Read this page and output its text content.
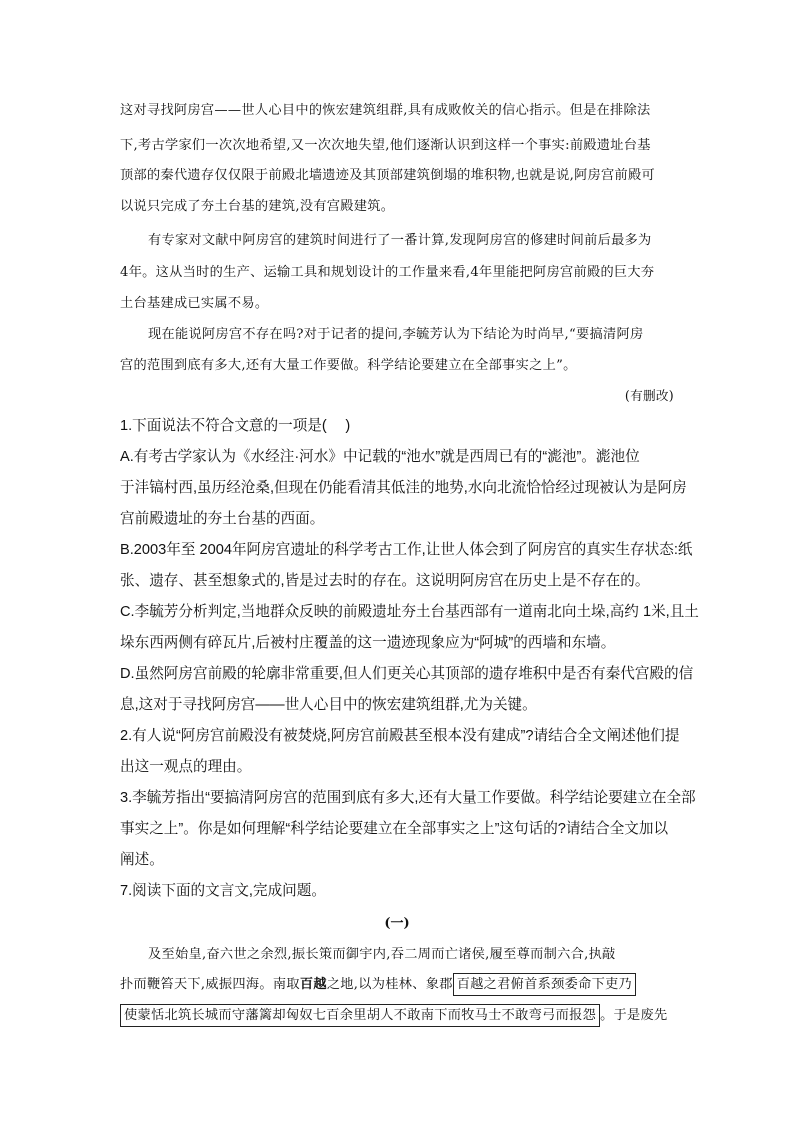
这对寻找阿房宫——世人心目中的恢宏建筑组群,具有成败攸关的信心指示。但是在排除法
下,考古学家们一次次地希望,又一次次地失望,他们逐渐认识到这样一个事实:前殿遗址台基
顶部的秦代遗存仅仅限于前殿北墙遗迹及其顶部建筑倒塌的堆积物,也就是说,阿房宫前殿可
以说只完成了夯土台基的建筑,没有宫殿建筑。
有专家对文献中阿房宫的建筑时间进行了一番计算,发现阿房宫的修建时间前后最多为
4年。这从当时的生产、运输工具和规划设计的工作量来看,4年里能把阿房宫前殿的巨大夯
土台基建成已实属不易。
现在能说阿房宫不存在吗?对于记者的提问,李毓芳认为下结论为时尚早,“要搞清阿房
宫的范围到底有多大,还有大量工作要做。科学结论要建立在全部事实之上”。
(有删改)
1.下面说法不符合文意的一项是(　 )
A.有考古学家认为《水经注·河水》中记载的“池水”就是西周已有的“滮池”。滮池位
于沣镐村西,虽历经沧桑,但现在仍能看清其低洼的地势,水向北流恰恰经过现被认为是阿房
宫前殿遗址的夯土台基的西面。
B.2003年至 2004年阿房宫遗址的科学考古工作,让世人体会到了阿房宫的真实生存状态:纸
张、遗存、甚至想象式的,皆是过去时的存在。这说明阿房宫在历史上是不存在的。
C.李毓芳分析判定,当地群众反映的前殿遗址夯土台基西部有一道南北向土垛,高约 1米,且土
垛东西两侧有碎瓦片,后被村庄覆盖的这一遗迹现象应为“阿城”的西墙和东墙。
D.虽然阿房宫前殿的轮廓非常重要,但人们更关心其顶部的遗存堆积中是否有秦代宫殿的信
息,这对于寻找阿房宫——世人心目中的恢宏建筑组群,尤为关键。
2.有人说“阿房宫前殿没有被焚烧,阿房宫前殿甚至根本没有建成”?请结合全文阐述他们提
出这一观点的理由。
3.李毓芳指出“要搞清阿房宫的范围到底有多大,还有大量工作要做。科学结论要建立在全部
事实之上”。你是如何理解“科学结论要建立在全部事实之上”这句话的?请结合全文加以
阐述。
7.阅读下面的文言文,完成问题。
(一)
及至始皇,奋六世之余烈,振长策而御宇内,吞二周而亡诸侯,履至尊而制六合,执敲
扑而鞭笞天下,威振四海。南取百越之地,以为桂林、象郡 百越之君俯首系颈委命下吏乃
使蒙恬北筑长城而守藩篱却匈奴七百余里胡人不敢南下而牧马士不敢弯弓而报怨 。于是废先
